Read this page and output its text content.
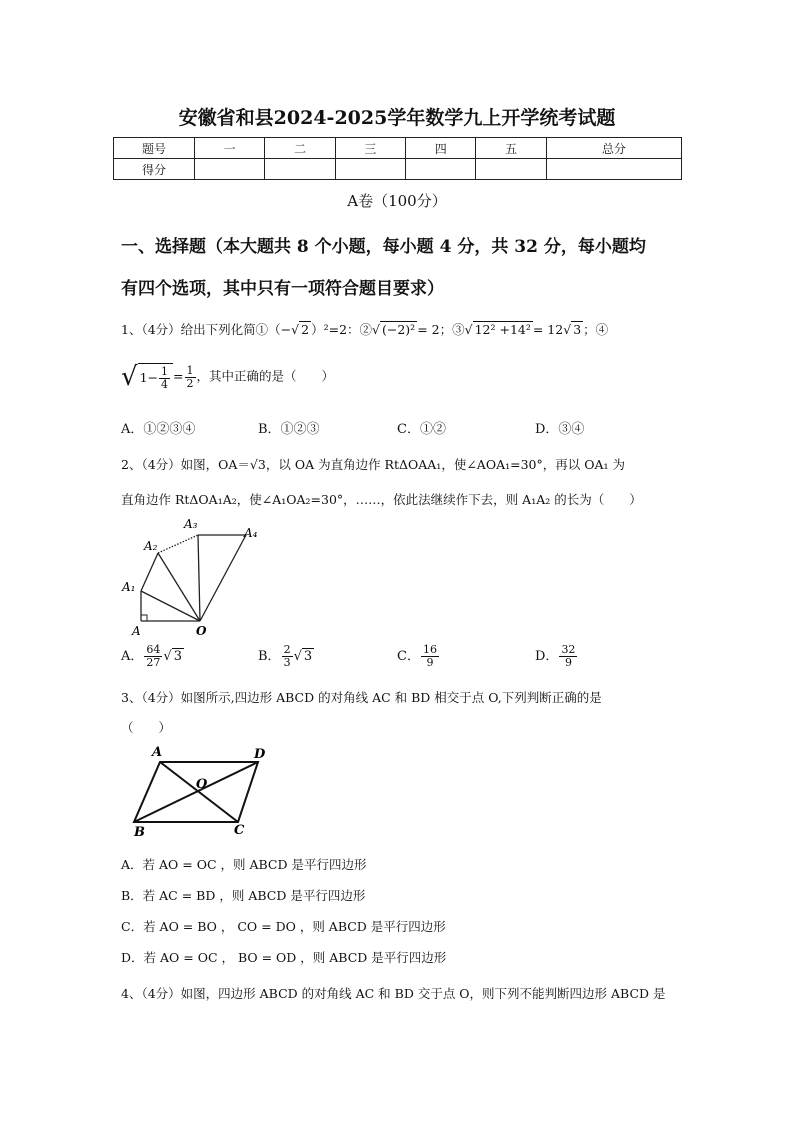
安徽省和县2024-2025学年数学九上开学统考试题
题号	一	二	三	四	五	总分
得分						
A卷（100分）
一、选择题（本大题共 8 个小题，每小题 4 分，共 32 分，每小题均
有四个选项，其中只有一项符合题目要求）
1、（4分）给出下列化简①（−√ 2 ）²=2：②√ (−2)² = 2；③√ 12² +14² = 12√ 3 ；④
√ $1- \frac{1}{4} = \frac{1}{2}$ ，其中正确的是（　　）
A．①②③④	B．①②③	C．①②	D．③④
2、（4分）如图，OA＝√3，以 OA 为直角边作 RtΔOAA₁，使∠AOA₁=30°，再以 OA₁ 为
直角边作 RtΔOA₁A₂，使∠A₁OA₂=30°，……，依此法继续作下去，则 A₁A₂ 的长为（　　）
A₄
A₃
A₂
A₁
A	O
A． $\frac{64}{27}$ √ 3	B． $\frac{2}{3}$ √ 3	C． $\frac{16}{9}$	D． $\frac{32}{9}$
3、（4分）如图所示,四边形 ABCD 的对角线 AC 和 BD 相交于点 O,下列判断正确的是
（　　）
A	D
O
B	C
A．若 AO = OC ，则 ABCD 是平行四边形
B．若 AC = BD ，则 ABCD 是平行四边形
C．若 AO = BO ， CO = DO ，则 ABCD 是平行四边形
D．若 AO = OC ， BO = OD ，则 ABCD 是平行四边形
4、（4分）如图，四边形 ABCD 的对角线 AC 和 BD 交于点 O，则下列不能判断四边形 ABCD 是
